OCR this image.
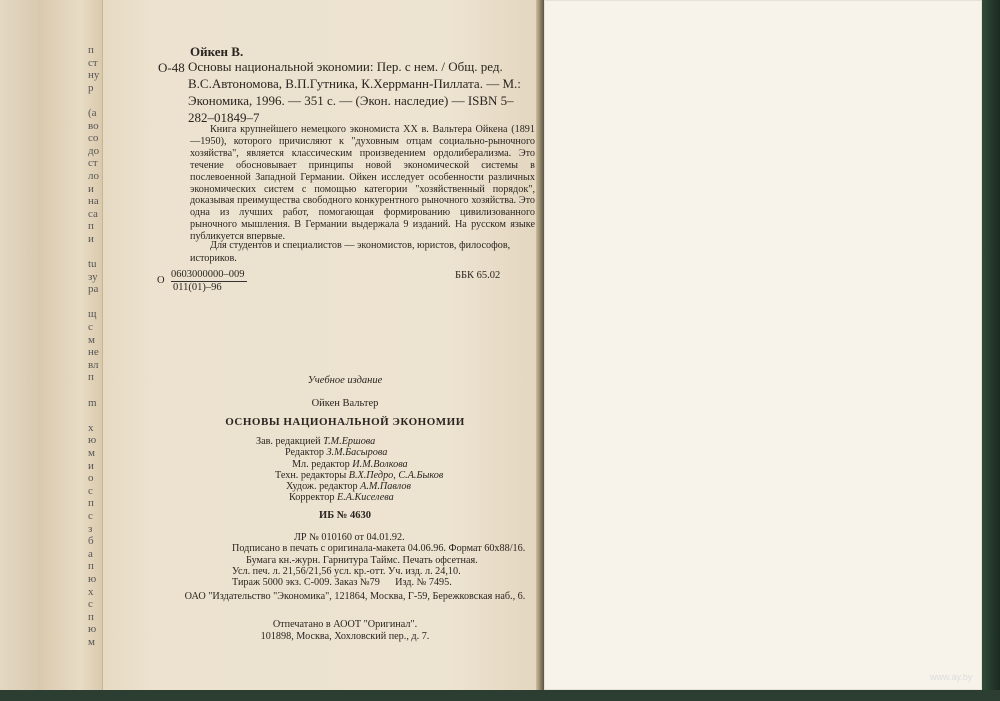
п
ст
ну
р

(а
во
со
до
ст
ло
и
на
са
п
и

tu
зу
ра

щ
с
м
не
вл
п

m

х
ю
м
и
о
с
п
с
з
б
а
п
ю
х
с
п
ю
м
Ойкен В.
О-48 Основы национальной экономии: Пер. с нем. / Общ. ред. В.С.Автономова, В.П.Гутника, К.Херрманн-Пиллата. — М.: Экономика, 1996. — 351 с. — (Экон. наследие) — ISBN 5–282–01849–7

Книга крупнейшего немецкого экономиста XX в. Вальтера Ойкена (1891—1950), которого причисляют к "духовным отцам социально-рыночного хозяйства", является классическим произведением ордолиберализма. Это течение обосновывает принципы новой экономической системы в послевоенной Западной Германии. Ойкен исследует особенности различных экономических систем с помощью категории "хозяйственный порядок", доказывая преимущества свободного конкурентного рыночного хозяйства. Это одна из лучших работ, помогающая формированию цивилизованного рыночного мышления. В Германии выдержала 9 изданий. На русском языке публикуется впервые.

Для студентов и специалистов — экономистов, юристов, философов, историков.
О
0603000000–009
011(01)–96
ББК 65.02
Учебное издание
Ойкен Вальтер
ОСНОВЫ НАЦИОНАЛЬНОЙ ЭКОНОМИИ
Зав. редакцией Т.М.Ершова
Редактор З.М.Басырова
Мл. редактор И.М.Волкова
Техн. редакторы В.Х.Педро, С.А.Быков
Худож. редактор А.М.Павлов
Корректор Е.А.Киселева
ИБ № 4630
ЛР № 010160 от 04.01.92.
Подписано в печать с оригинала-макета 04.06.96. Формат 60х88/16.
Бумага кн.-журн. Гарнитура Таймс. Печать офсетная.
Усл. печ. л. 21,56/21,56 усл. кр.-отт. Уч. изд. л. 24,10.
Тираж 5000 экз. С-009. Заказ №79      Изд. № 7495.
ОАО "Издательство "Экономика", 121864, Москва, Г-59, Бережковская наб., 6.
Отпечатано в АООТ "Оригинал".
101898, Москва, Хохловский пер., д. 7.
www.ay.by
